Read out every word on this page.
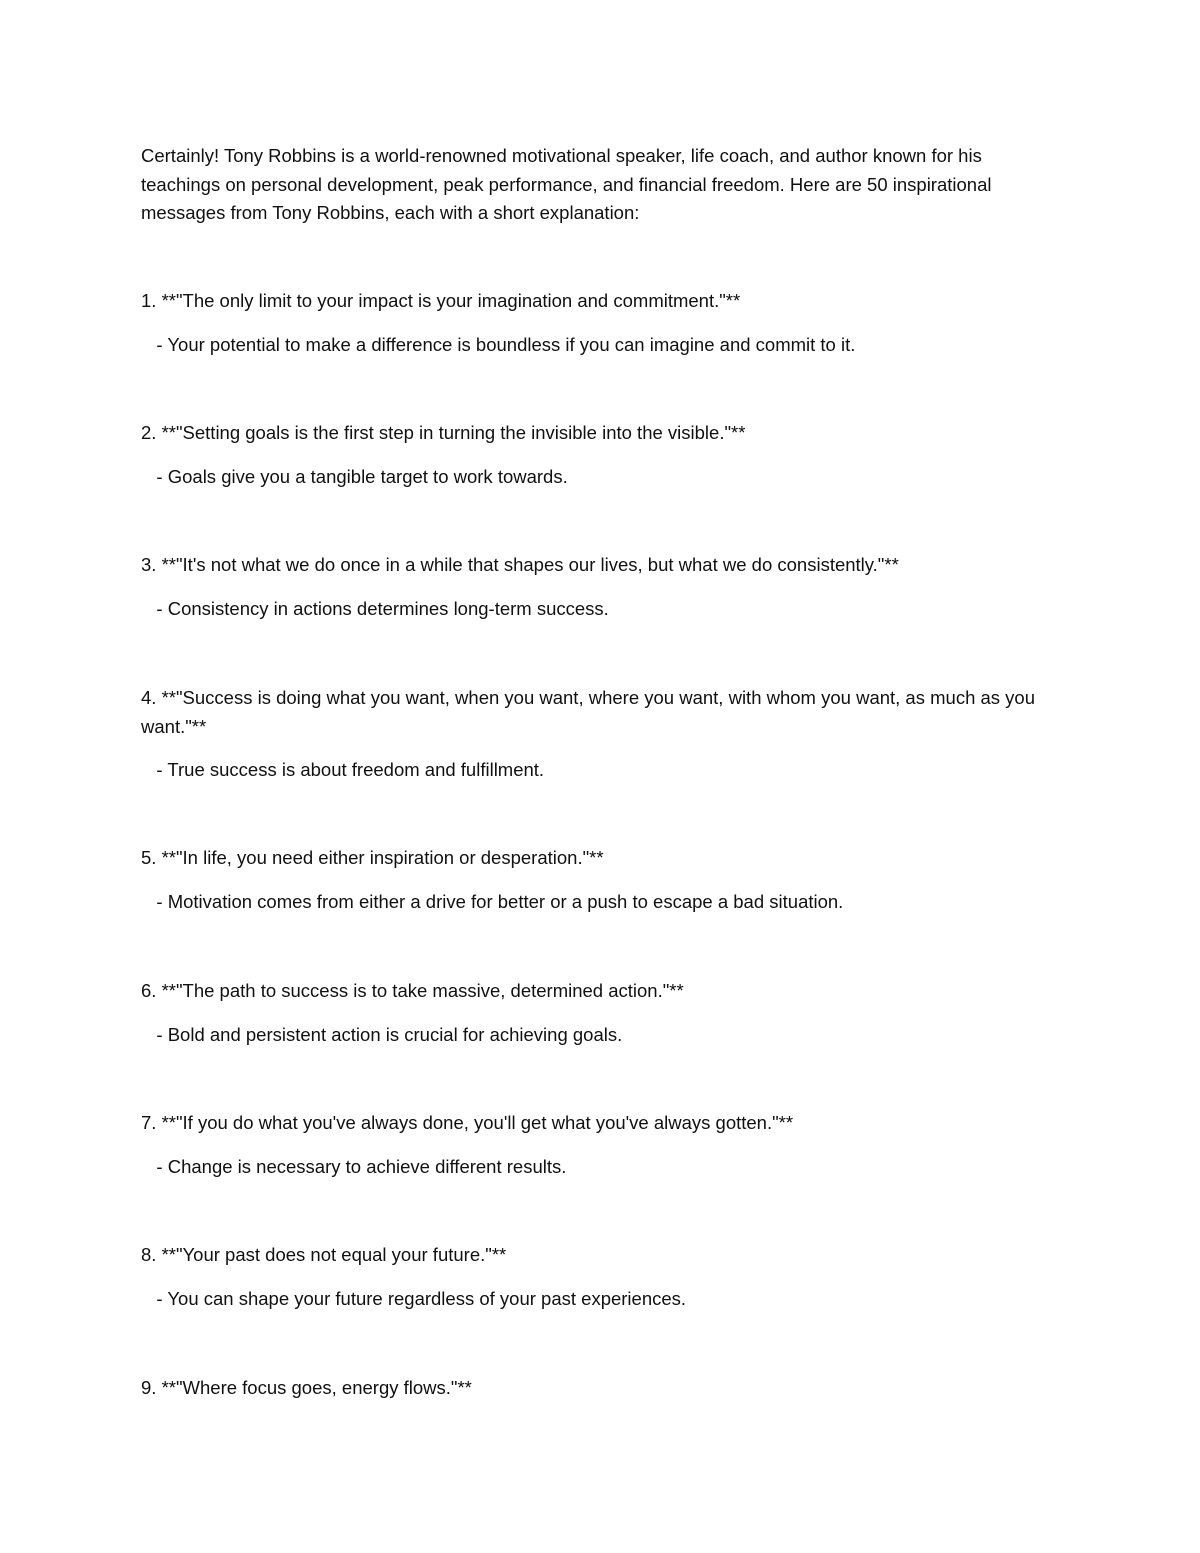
Certainly! Tony Robbins is a world-renowned motivational speaker, life coach, and author known for his teachings on personal development, peak performance, and financial freedom. Here are 50 inspirational messages from Tony Robbins, each with a short explanation:

1. **"The only limit to your impact is your imagination and commitment."**

- Your potential to make a difference is boundless if you can imagine and commit to it.

2. **"Setting goals is the first step in turning the invisible into the visible."**

- Goals give you a tangible target to work towards.

3. **"It's not what we do once in a while that shapes our lives, but what we do consistently."**

- Consistency in actions determines long-term success.

4. **"Success is doing what you want, when you want, where you want, with whom you want, as much as you want."**

- True success is about freedom and fulfillment.

5. **"In life, you need either inspiration or desperation."**

- Motivation comes from either a drive for better or a push to escape a bad situation.

6. **"The path to success is to take massive, determined action."**

- Bold and persistent action is crucial for achieving goals.

7. **"If you do what you've always done, you'll get what you've always gotten."**

- Change is necessary to achieve different results.

8. **"Your past does not equal your future."**

- You can shape your future regardless of your past experiences.

9. **"Where focus goes, energy flows."**
